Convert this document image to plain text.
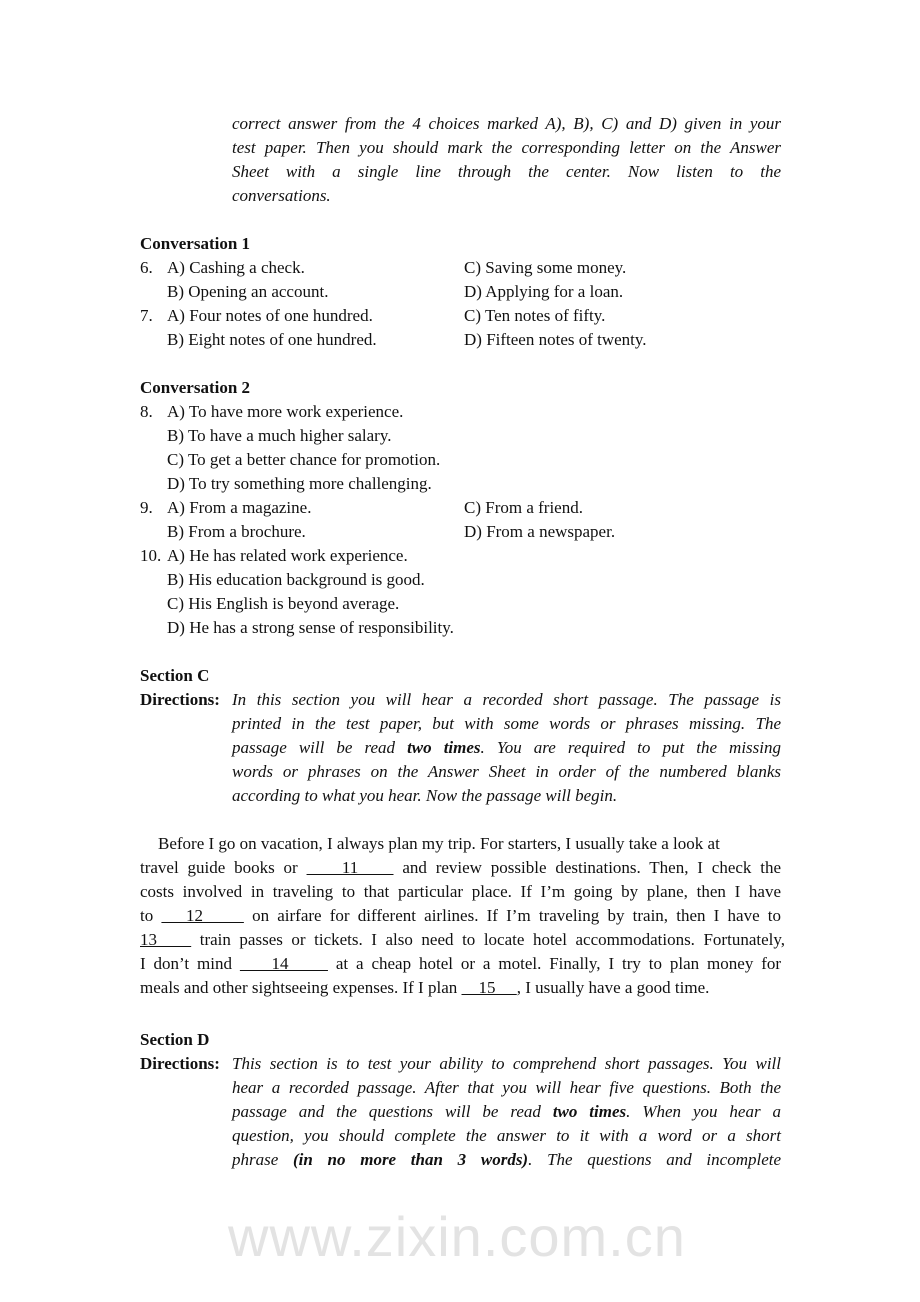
www.zixin.com.cn
correct answer from the 4 choices marked A), B), C) and D) given in your
test paper. Then you should mark the corresponding letter on the Answer
Sheet with a single line through the center. Now listen to the
conversations.
Conversation 1
6. A) Cashing a check.	C) Saving some money.
B) Opening an account.	D) Applying for a loan.
7. A) Four notes of one hundred.	C) Ten notes of fifty.
B) Eight notes of one hundred.	D) Fifteen notes of twenty.
Conversation 2
8. A) To have more work experience.
B) To have a much higher salary.
C) To get a better chance for promotion.
D) To try something more challenging.
9. A) From a magazine.	C) From a friend.
B) From a brochure.	D) From a newspaper.
10. A) He has related work experience.
B) His education background is good.
C) His English is beyond average.
D) He has a strong sense of responsibility.
Section C
Directions: In this section you will hear a recorded short passage. The passage is
printed in the test paper, but with some words or phrases missing. The
passage will be read two times. You are required to put the missing
words or phrases on the Answer Sheet in order of the numbered blanks
according to what you hear. Now the passage will begin.
Before I go on vacation, I always plan my trip. For starters, I usually take a look at
travel guide books or     11     and review possible destinations. Then, I check the
costs involved in traveling to that particular place. If I’m going by plane, then I have
to    12      on airfare for different airlines. If I’m traveling by train, then I have to
13     train passes or tickets. I also need to locate hotel accommodations. Fortunately,
I don’t mind     14      at a cheap hotel or a motel. Finally, I try to plan money for
meals and other sightseeing expenses. If I plan     15     , I usually have a good time.
Section D
Directions: This section is to test your ability to comprehend short passages. You will
hear a recorded passage. After that you will hear five questions. Both the
passage and the questions will be read two times. When you hear a
question, you should complete the answer to it with a word or a short
phrase (in no more than 3 words). The questions and incomplete
